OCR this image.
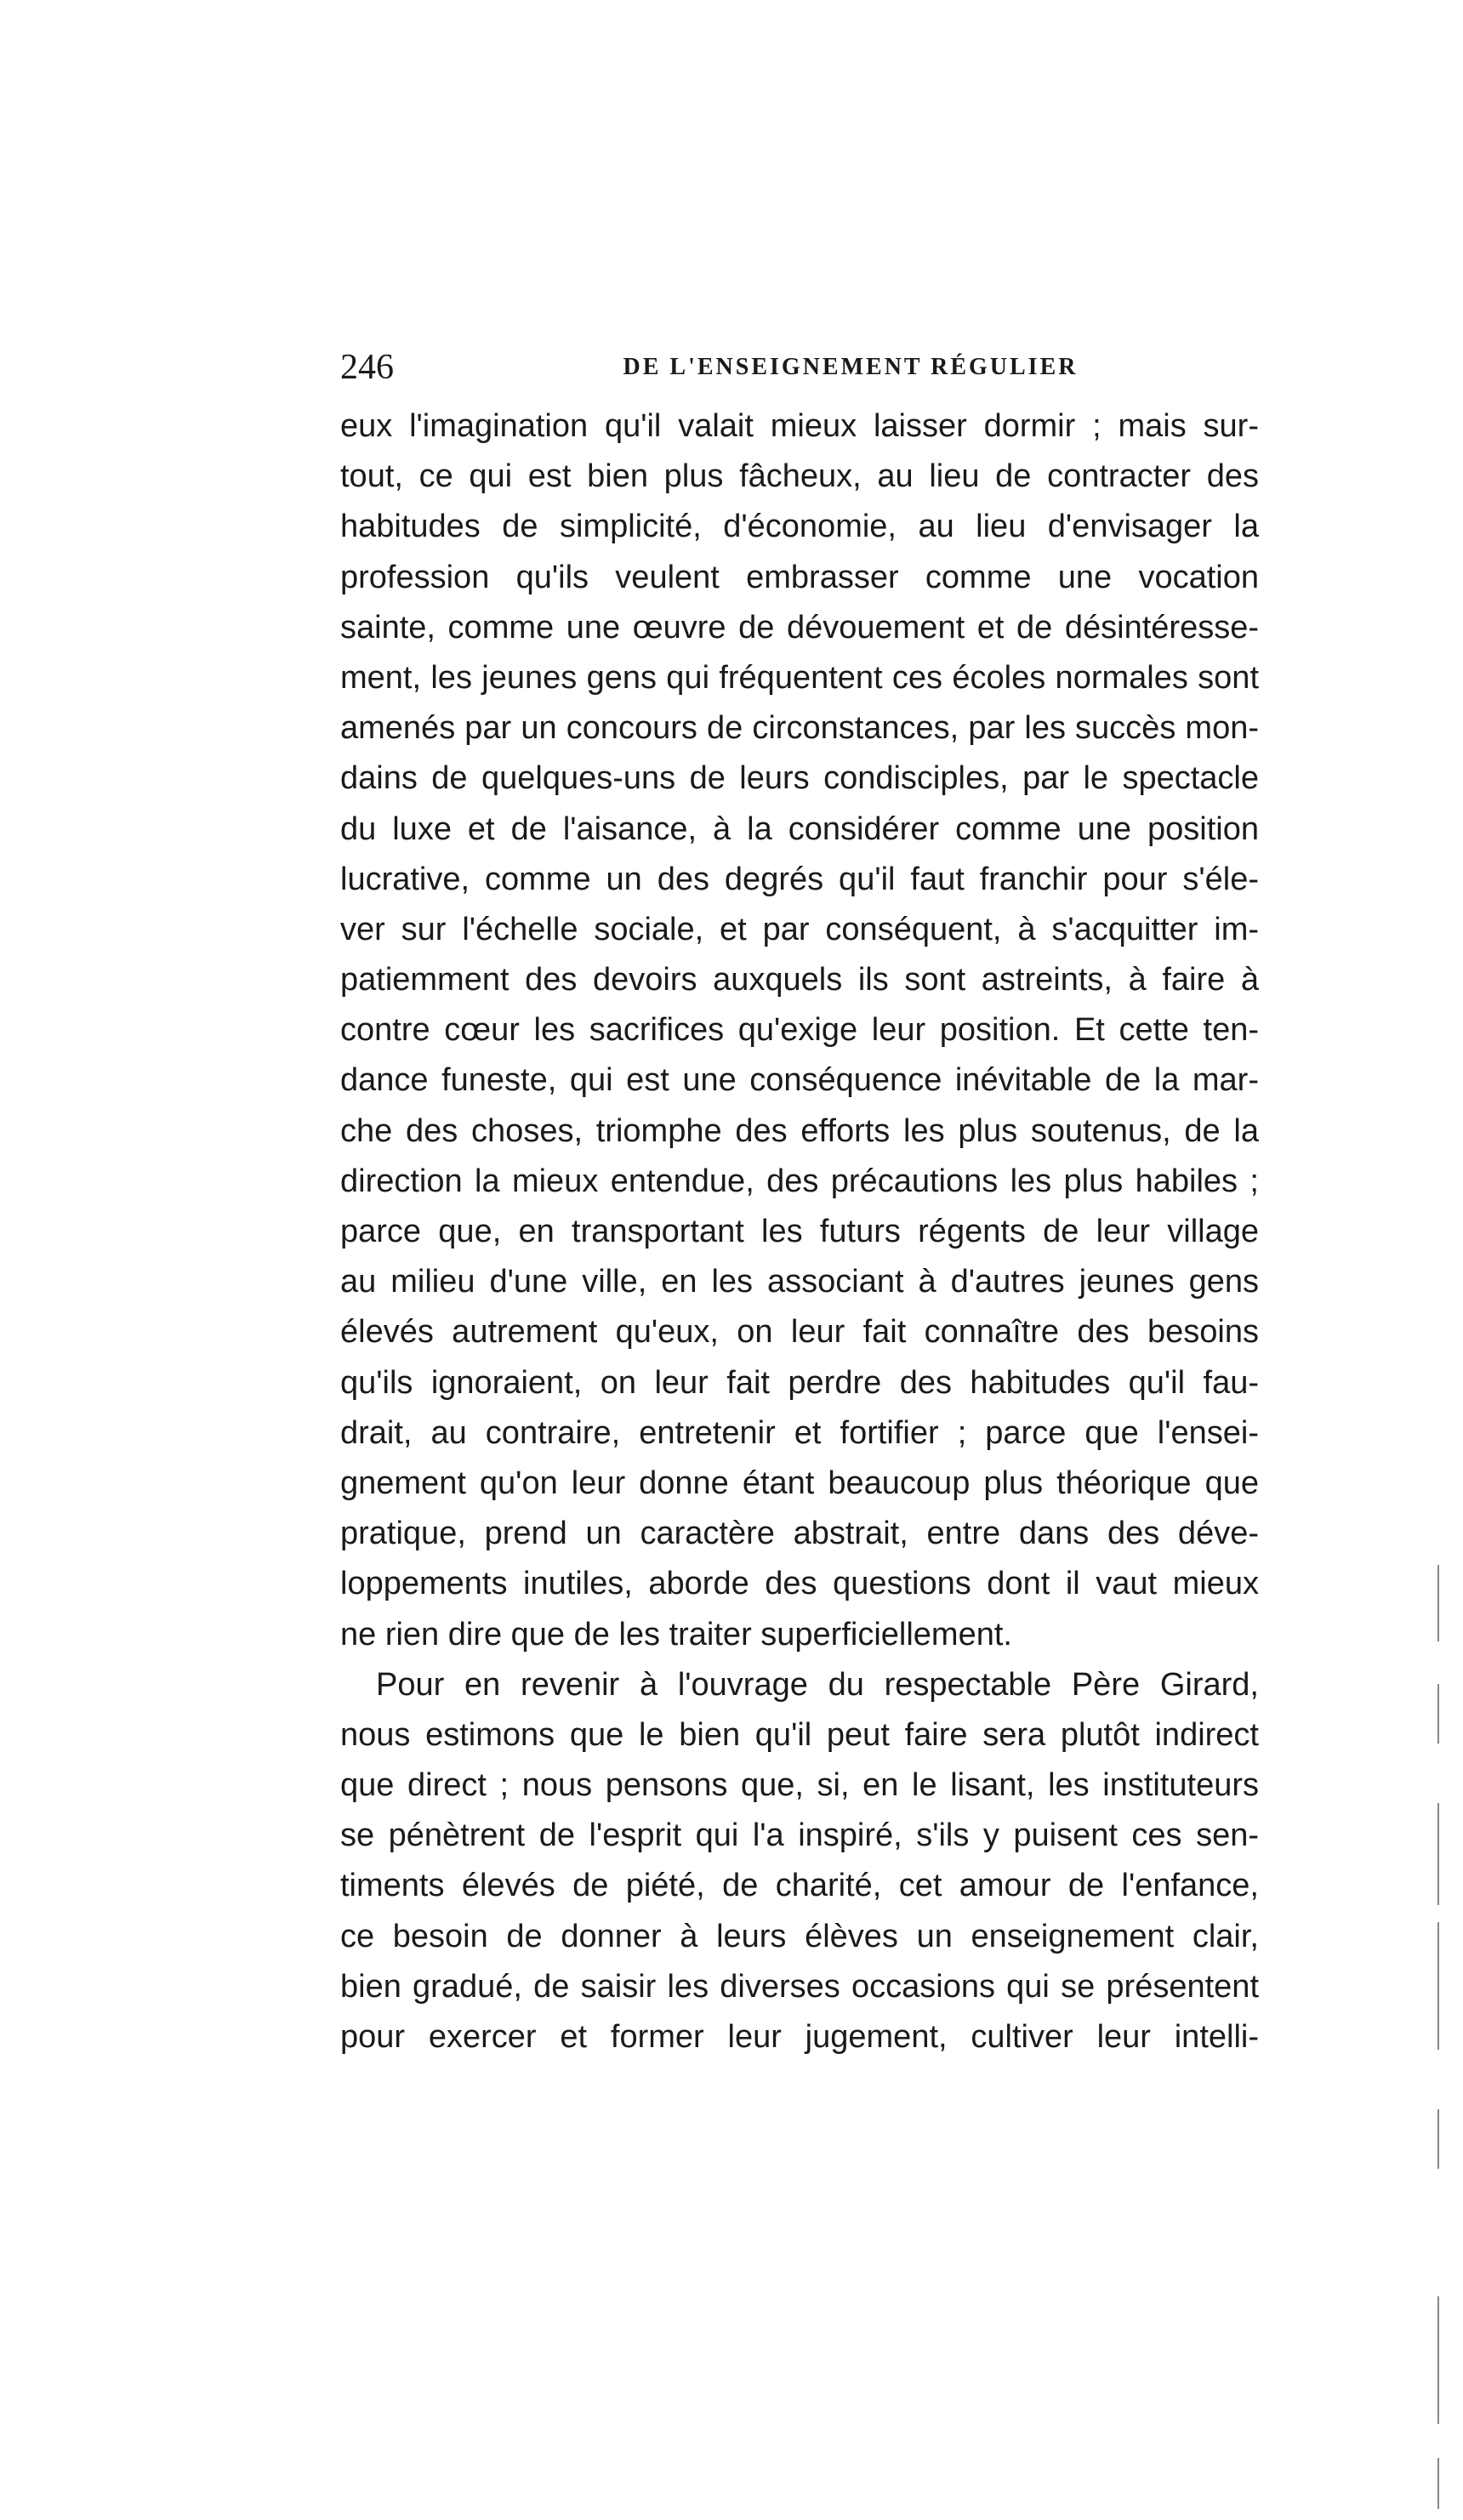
246	DE L'ENSEIGNEMENT RÉGULIER
eux l'imagination qu'il valait mieux laisser dormir ; mais sur-
tout, ce qui est bien plus fâcheux, au lieu de contracter des
habitudes de simplicité, d'économie, au lieu d'envisager la
profession qu'ils veulent embrasser comme une vocation
sainte, comme une œuvre de dévouement et de désintéresse-
ment, les jeunes gens qui fréquentent ces écoles normales sont
amenés par un concours de circonstances, par les succès mon-
dains de quelques-uns de leurs condisciples, par le spectacle
du luxe et de l'aisance, à la considérer comme une position
lucrative, comme un des degrés qu'il faut franchir pour s'éle-
ver sur l'échelle sociale, et par conséquent, à s'acquitter im-
patiemment des devoirs auxquels ils sont astreints, à faire à
contre cœur les sacrifices qu'exige leur position. Et cette ten-
dance funeste, qui est une conséquence inévitable de la mar-
che des choses, triomphe des efforts les plus soutenus, de la
direction la mieux entendue, des précautions les plus habiles ;
parce que, en transportant les futurs régents de leur village
au milieu d'une ville, en les associant à d'autres jeunes gens
élevés autrement qu'eux, on leur fait connaître des besoins
qu'ils ignoraient, on leur fait perdre des habitudes qu'il fau-
drait, au contraire, entretenir et fortifier ; parce que l'ensei-
gnement qu'on leur donne étant beaucoup plus théorique que
pratique, prend un caractère abstrait, entre dans des déve-
loppements inutiles, aborde des questions dont il vaut mieux
ne rien dire que de les traiter superficiellement.
Pour en revenir à l'ouvrage du respectable Père Girard,
nous estimons que le bien qu'il peut faire sera plutôt indirect
que direct ; nous pensons que, si, en le lisant, les instituteurs
se pénètrent de l'esprit qui l'a inspiré, s'ils y puisent ces sen-
timents élevés de piété, de charité, cet amour de l'enfance,
ce besoin de donner à leurs élèves un enseignement clair,
bien gradué, de saisir les diverses occasions qui se présentent
pour exercer et former leur jugement, cultiver leur intelli-
